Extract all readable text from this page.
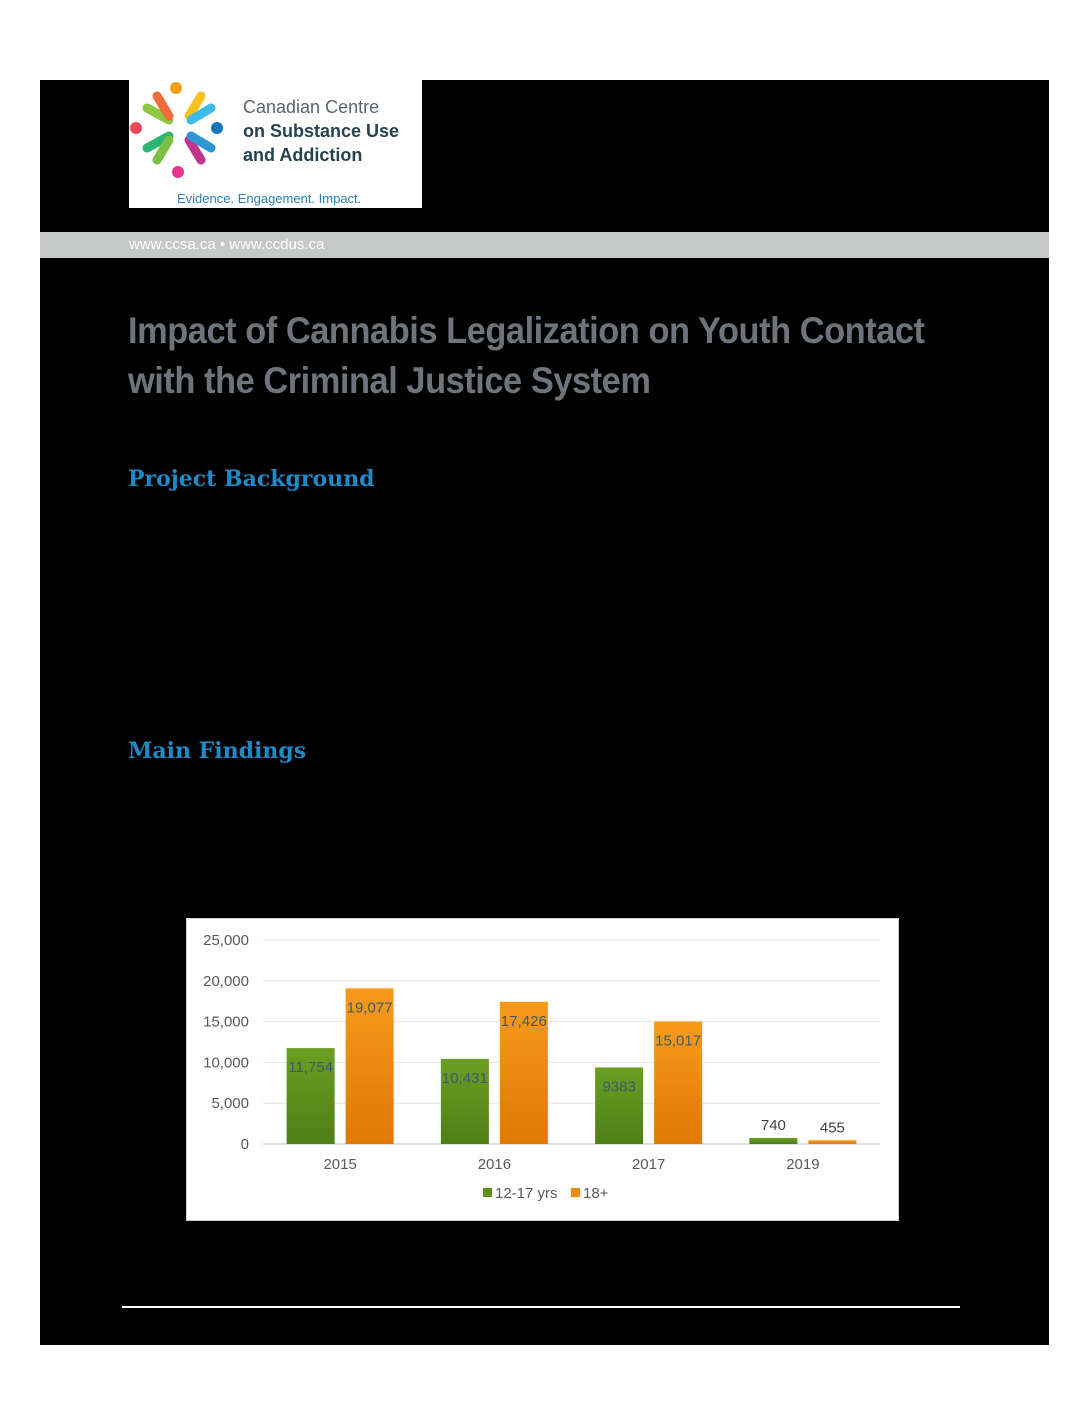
Canadian Centre
on Substance Use
and Addiction
Evidence. Engagement. Impact.
www.ccsa.ca • www.ccdus.ca
Impact of Cannabis Legalization on Youth Contact with the Criminal Justice System
Project Background
Main Findings
0
5,000
10,000
15,000
20,000
25,000
11,754
19,077
2015
10,431
17,426
2016
9383
15,017
2017
740 455
2019
12-17 yrs 18+
